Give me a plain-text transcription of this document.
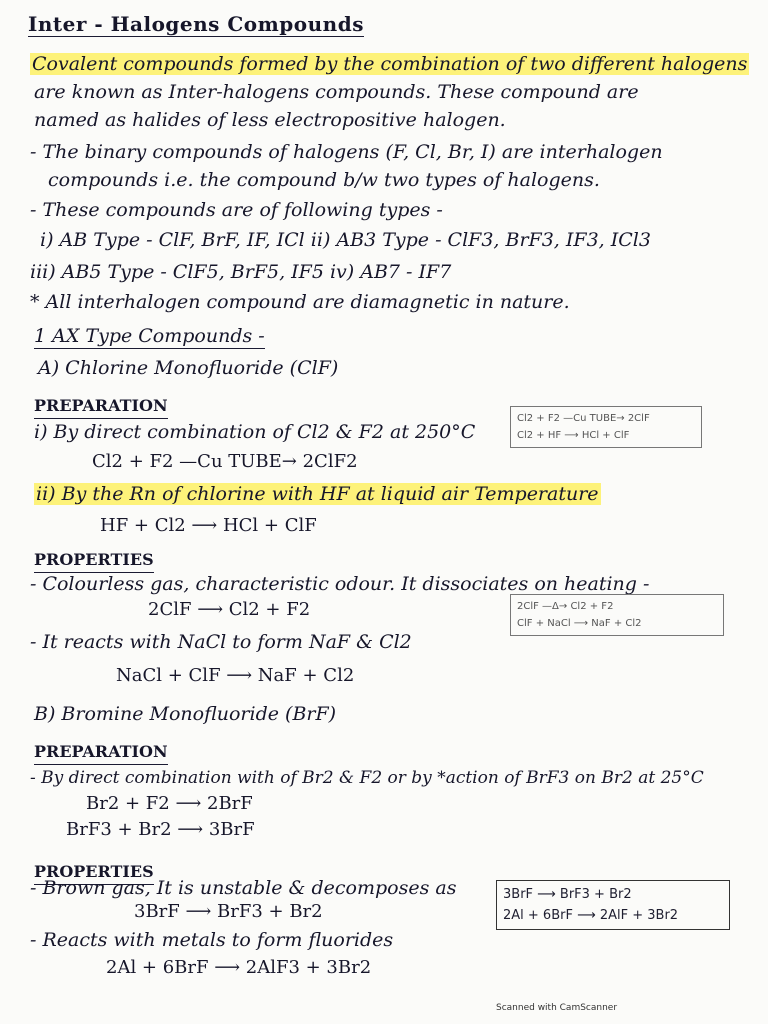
Inter - Halogens Compounds
Covalent compounds formed by the combination of two different halogens
are known as Inter-halogens compounds. These compound are
named as halides of less electropositive halogen.
- The binary compounds of halogens (F, Cl, Br, I) are interhalogen
compounds i.e. the compound b/w two types of halogens.
- These compounds are of following types -
i) AB Type - ClF, BrF, IF, ICl ii) AB3 Type - ClF3, BrF3, IF3, ICl3
iii) AB5 Type - ClF5, BrF5, IF5 iv) AB7 - IF7
* All interhalogen compound are diamagnetic in nature.
1 AX Type Compounds -
A) Chlorine Monofluoride (ClF)
PREPARATION
i) By direct combination of Cl2 & F2 at 250°C
Cl2 + F2 —Cu TUBE→ 2ClF2
ii) By the Rn of chlorine with HF at liquid air Temperature
HF + Cl2 ⟶ HCl + ClF
PROPERTIES
- Colourless gas, characteristic odour. It dissociates on heating -
2ClF ⟶ Cl2 + F2
- It reacts with NaCl to form NaF & Cl2
NaCl + ClF ⟶ NaF + Cl2
B) Bromine Monofluoride (BrF)
PREPARATION
- By direct combination with of Br2 & F2 or by *action of BrF3 on Br2 at 25°C
Br2 + F2 ⟶ 2BrF
BrF3 + Br2 ⟶ 3BrF
PROPERTIES
- Brown gas, It is unstable & decomposes as
3BrF ⟶ BrF3 + Br2
- Reacts with metals to form fluorides
2Al + 6BrF ⟶ 2AlF3 + 3Br2
Cl2 + F2 —Cu TUBE→ 2ClF
Cl2 + HF ⟶ HCl + ClF
2ClF —Δ→ Cl2 + F2
ClF + NaCl ⟶ NaF + Cl2
3BrF ⟶ BrF3 + Br2
2Al + 6BrF ⟶ 2AlF + 3Br2
Scanned with CamScanner
